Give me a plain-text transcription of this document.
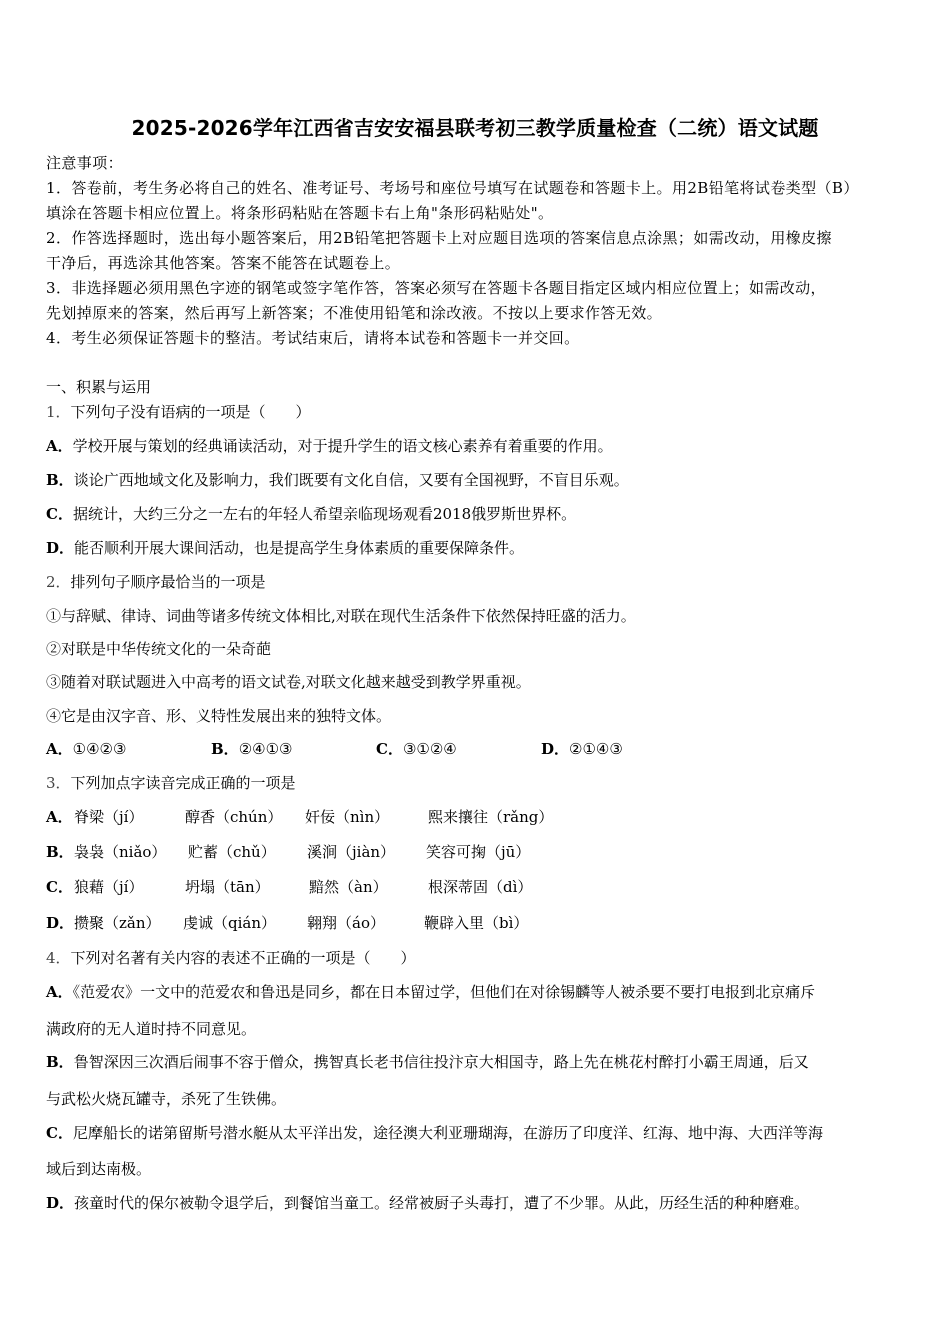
2025-2026学年江西省吉安安福县联考初三教学质量检查（二统）语文试题
注意事项：
1．答卷前，考生务必将自己的姓名、准考证号、考场号和座位号填写在试题卷和答题卡上。用2B铅笔将试卷类型（B）
填涂在答题卡相应位置上。将条形码粘贴在答题卡右上角"条形码粘贴处"。
2．作答选择题时，选出每小题答案后，用2B铅笔把答题卡上对应题目选项的答案信息点涂黑；如需改动，用橡皮擦
干净后，再选涂其他答案。答案不能答在试题卷上。
3．非选择题必须用黑色字迹的钢笔或签字笔作答，答案必须写在答题卡各题目指定区域内相应位置上；如需改动，
先划掉原来的答案，然后再写上新答案；不准使用铅笔和涂改液。不按以上要求作答无效。
4．考生必须保证答题卡的整洁。考试结束后，请将本试卷和答题卡一并交回。
一、积累与运用
1．下列句子没有语病的一项是（　　）
A．学校开展与策划的经典诵读活动，对于提升学生的语文核心素养有着重要的作用。
B．谈论广西地域文化及影响力，我们既要有文化自信，又要有全国视野，不盲目乐观。
C．据统计，大约三分之一左右的年轻人希望亲临现场观看2018俄罗斯世界杯。
D．能否顺利开展大课间活动，也是提高学生身体素质的重要保障条件。
2．排列句子顺序最恰当的一项是
①与辞赋、律诗、词曲等诸多传统文体相比,对联在现代生活条件下依然保持旺盛的活力。
②对联是中华传统文化的一朵奇葩
③随着对联试题进入中高考的语文试卷,对联文化越来越受到教学界重视。
④它是由汉字音、形、义特性发展出来的独特文体。
A．①④②③	B．②④①③	C．③①②④	D．②①④③
3．下列加点字读音完成正确的一项是
A． 脊梁（jí）	醇香（chún） 奸佞（nìn）	熙来攘往（rǎng）
B． 袅袅（niǎo） 贮蓄（chǔ） 溪涧（jiàn） 笑容可掬（jū）
C． 狼藉（jí）	坍塌（tān）	黯然（àn）	根深蒂固（dì）
D． 攒聚（zǎn） 虔诚（qián） 翱翔（áo）	鞭辟入里（bì）
4．下列对名著有关内容的表述不正确的一项是（　　）
A．《范爱农》一文中的范爱农和鲁迅是同乡，都在日本留过学，但他们在对徐锡麟等人被杀要不要打电报到北京痛斥
满政府的无人道时持不同意见。
B．鲁智深因三次酒后闹事不容于僧众，携智真长老书信往投汴京大相国寺，路上先在桃花村醉打小霸王周通，后又
与武松火烧瓦罐寺，杀死了生铁佛。
C．尼摩船长的诺第留斯号潜水艇从太平洋出发，途径澳大利亚珊瑚海，在游历了印度洋、红海、地中海、大西洋等海
域后到达南极。
D．孩童时代的保尔被勒令退学后，到餐馆当童工。经常被厨子头毒打，遭了不少罪。从此，历经生活的种种磨难。
